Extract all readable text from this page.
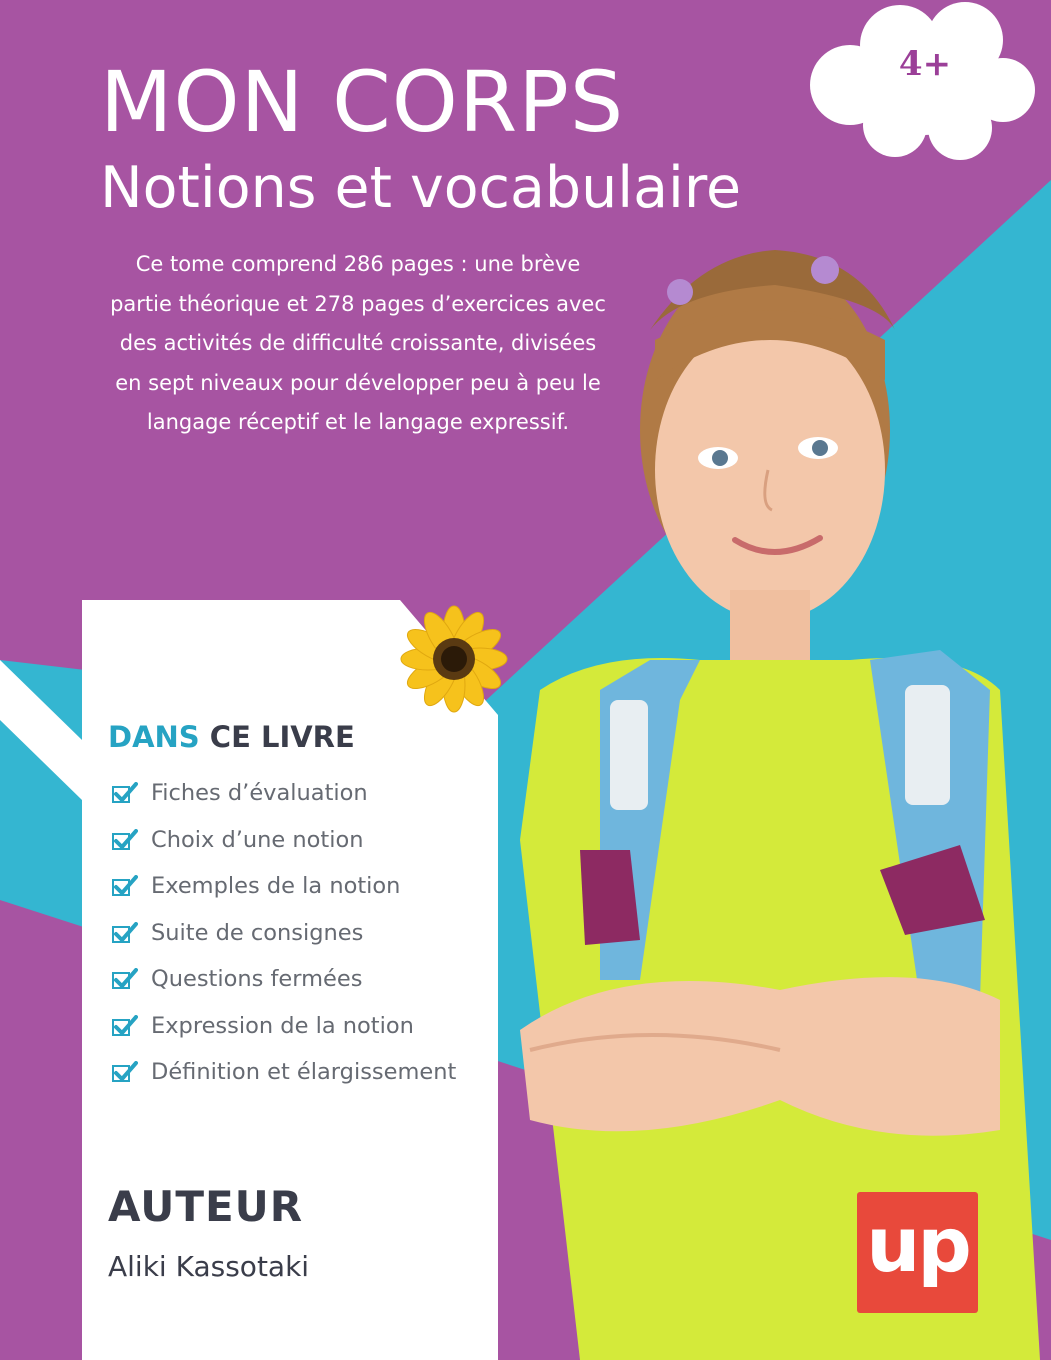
MON CORPS
Notions et vocabulaire

Ce tome comprend 286 pages : une brève partie théorique et 278 pages d’exercices avec des activités de difficulté croissante, divisées en sept niveaux pour développer peu à peu le langage réceptif et le langage expressif.

4+
DANS CE LIVRE
Fiches d’évaluation
Choix d’une notion
Exemples de la notion
Suite de consignes
Questions fermées
Expression de la notion
Définition et élargissement
AUTEUR
Aliki Kassotaki	up
